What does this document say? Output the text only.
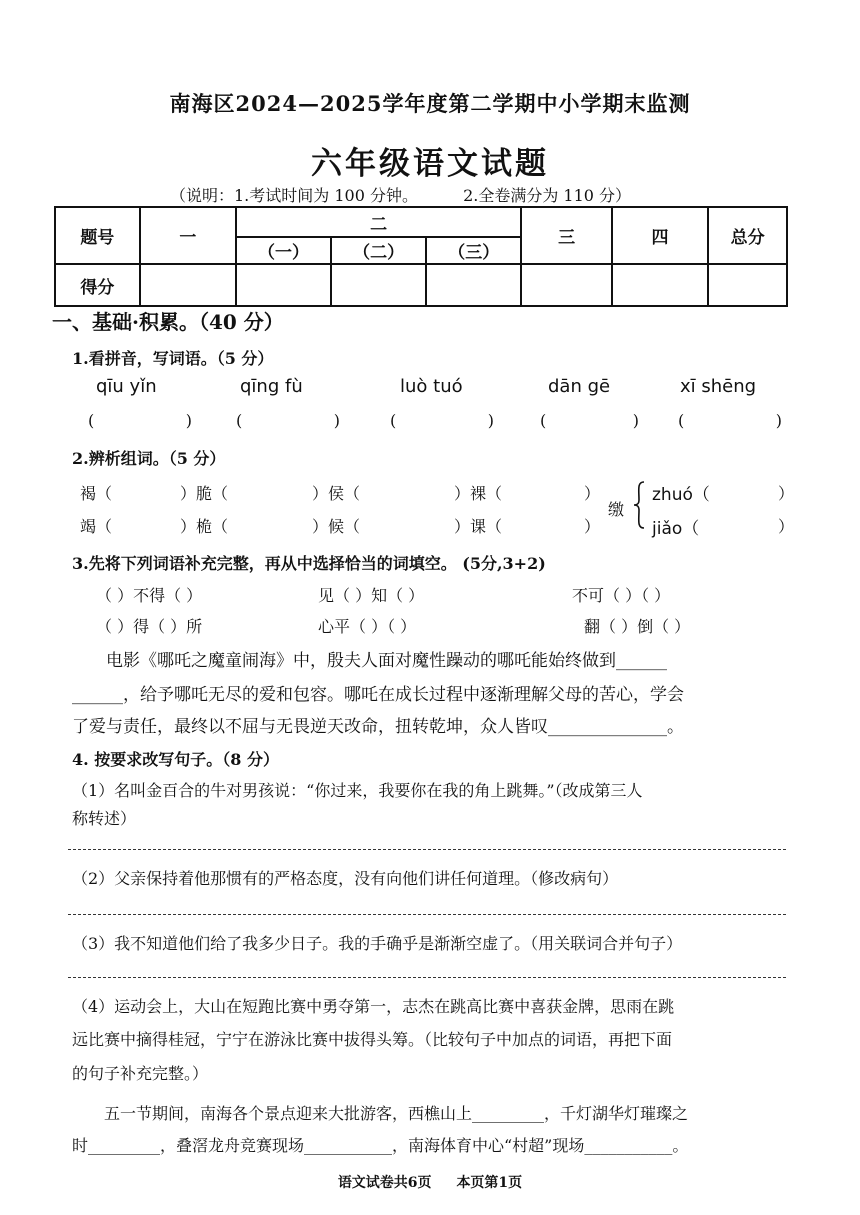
南海区2024—2025学年度第二学期中小学期末监测
六年级语文试题
（说明：1.考试时间为 100 分钟。	2.全卷满分为 110 分）
题号	一	二			三	四	总分
		（一）	（二）	（三）			
得分							
一、基础·积累。（40 分）
1.看拼音，写词语。（5 分）
qīu yǐn	qīng fù	luò tuó	dān gē	xī shēng
(                  )	(                  )	(                  )	(                 ) (                  )
2.辨析组词。（5 分）
褐（	）脆（	）侯（	）裸（	）
竭（	）桅（	）候（	）课（	）
缴
zhuó（	）
jiǎo（	）
3.先将下列词语补充完整，再从中选择恰当的词填空。 (5分,3+2)
（ ）不得（ ）	见（ ）知（ ）	不可（ ）（ ）
（ ）得（ ）所	心平（ ）（ ）	翻（ ）倒（ ）
电影《哪吒之魔童闹海》中，殷夫人面对魔性躁动的哪吒能始终做到______
______，给予哪吒无尽的爱和包容。哪吒在成长过程中逐渐理解父母的苦心，学会
了爱与责任，最终以不屈与无畏逆天改命，扭转乾坤，众人皆叹______________。
4. 按要求改写句子。（8 分）
（1）名叫金百合的牛对男孩说：“你过来，我要你在我的角上跳舞。”（改成第三人
称转述）
（2）父亲保持着他那惯有的严格态度，没有向他们讲任何道理。（修改病句）
（3）我不知道他们给了我多少日子。我的手确乎是渐渐空虚了。（用关联词合并句子）
（4）运动会上，大山在短跑比赛中勇夺第一，志杰在跳高比赛中喜获金牌，思雨在跳
远比赛中摘得桂冠，宁宁在游泳比赛中拔得头筹。（比较句子中加点的词语，再把下面
的句子补充完整。）
五一节期间，南海各个景点迎来大批游客，西樵山上_________，千灯湖华灯璀璨之
时_________，叠滘龙舟竞赛现场___________，南海体育中心“村超”现场___________。
语文试卷共6页 本页第1页
